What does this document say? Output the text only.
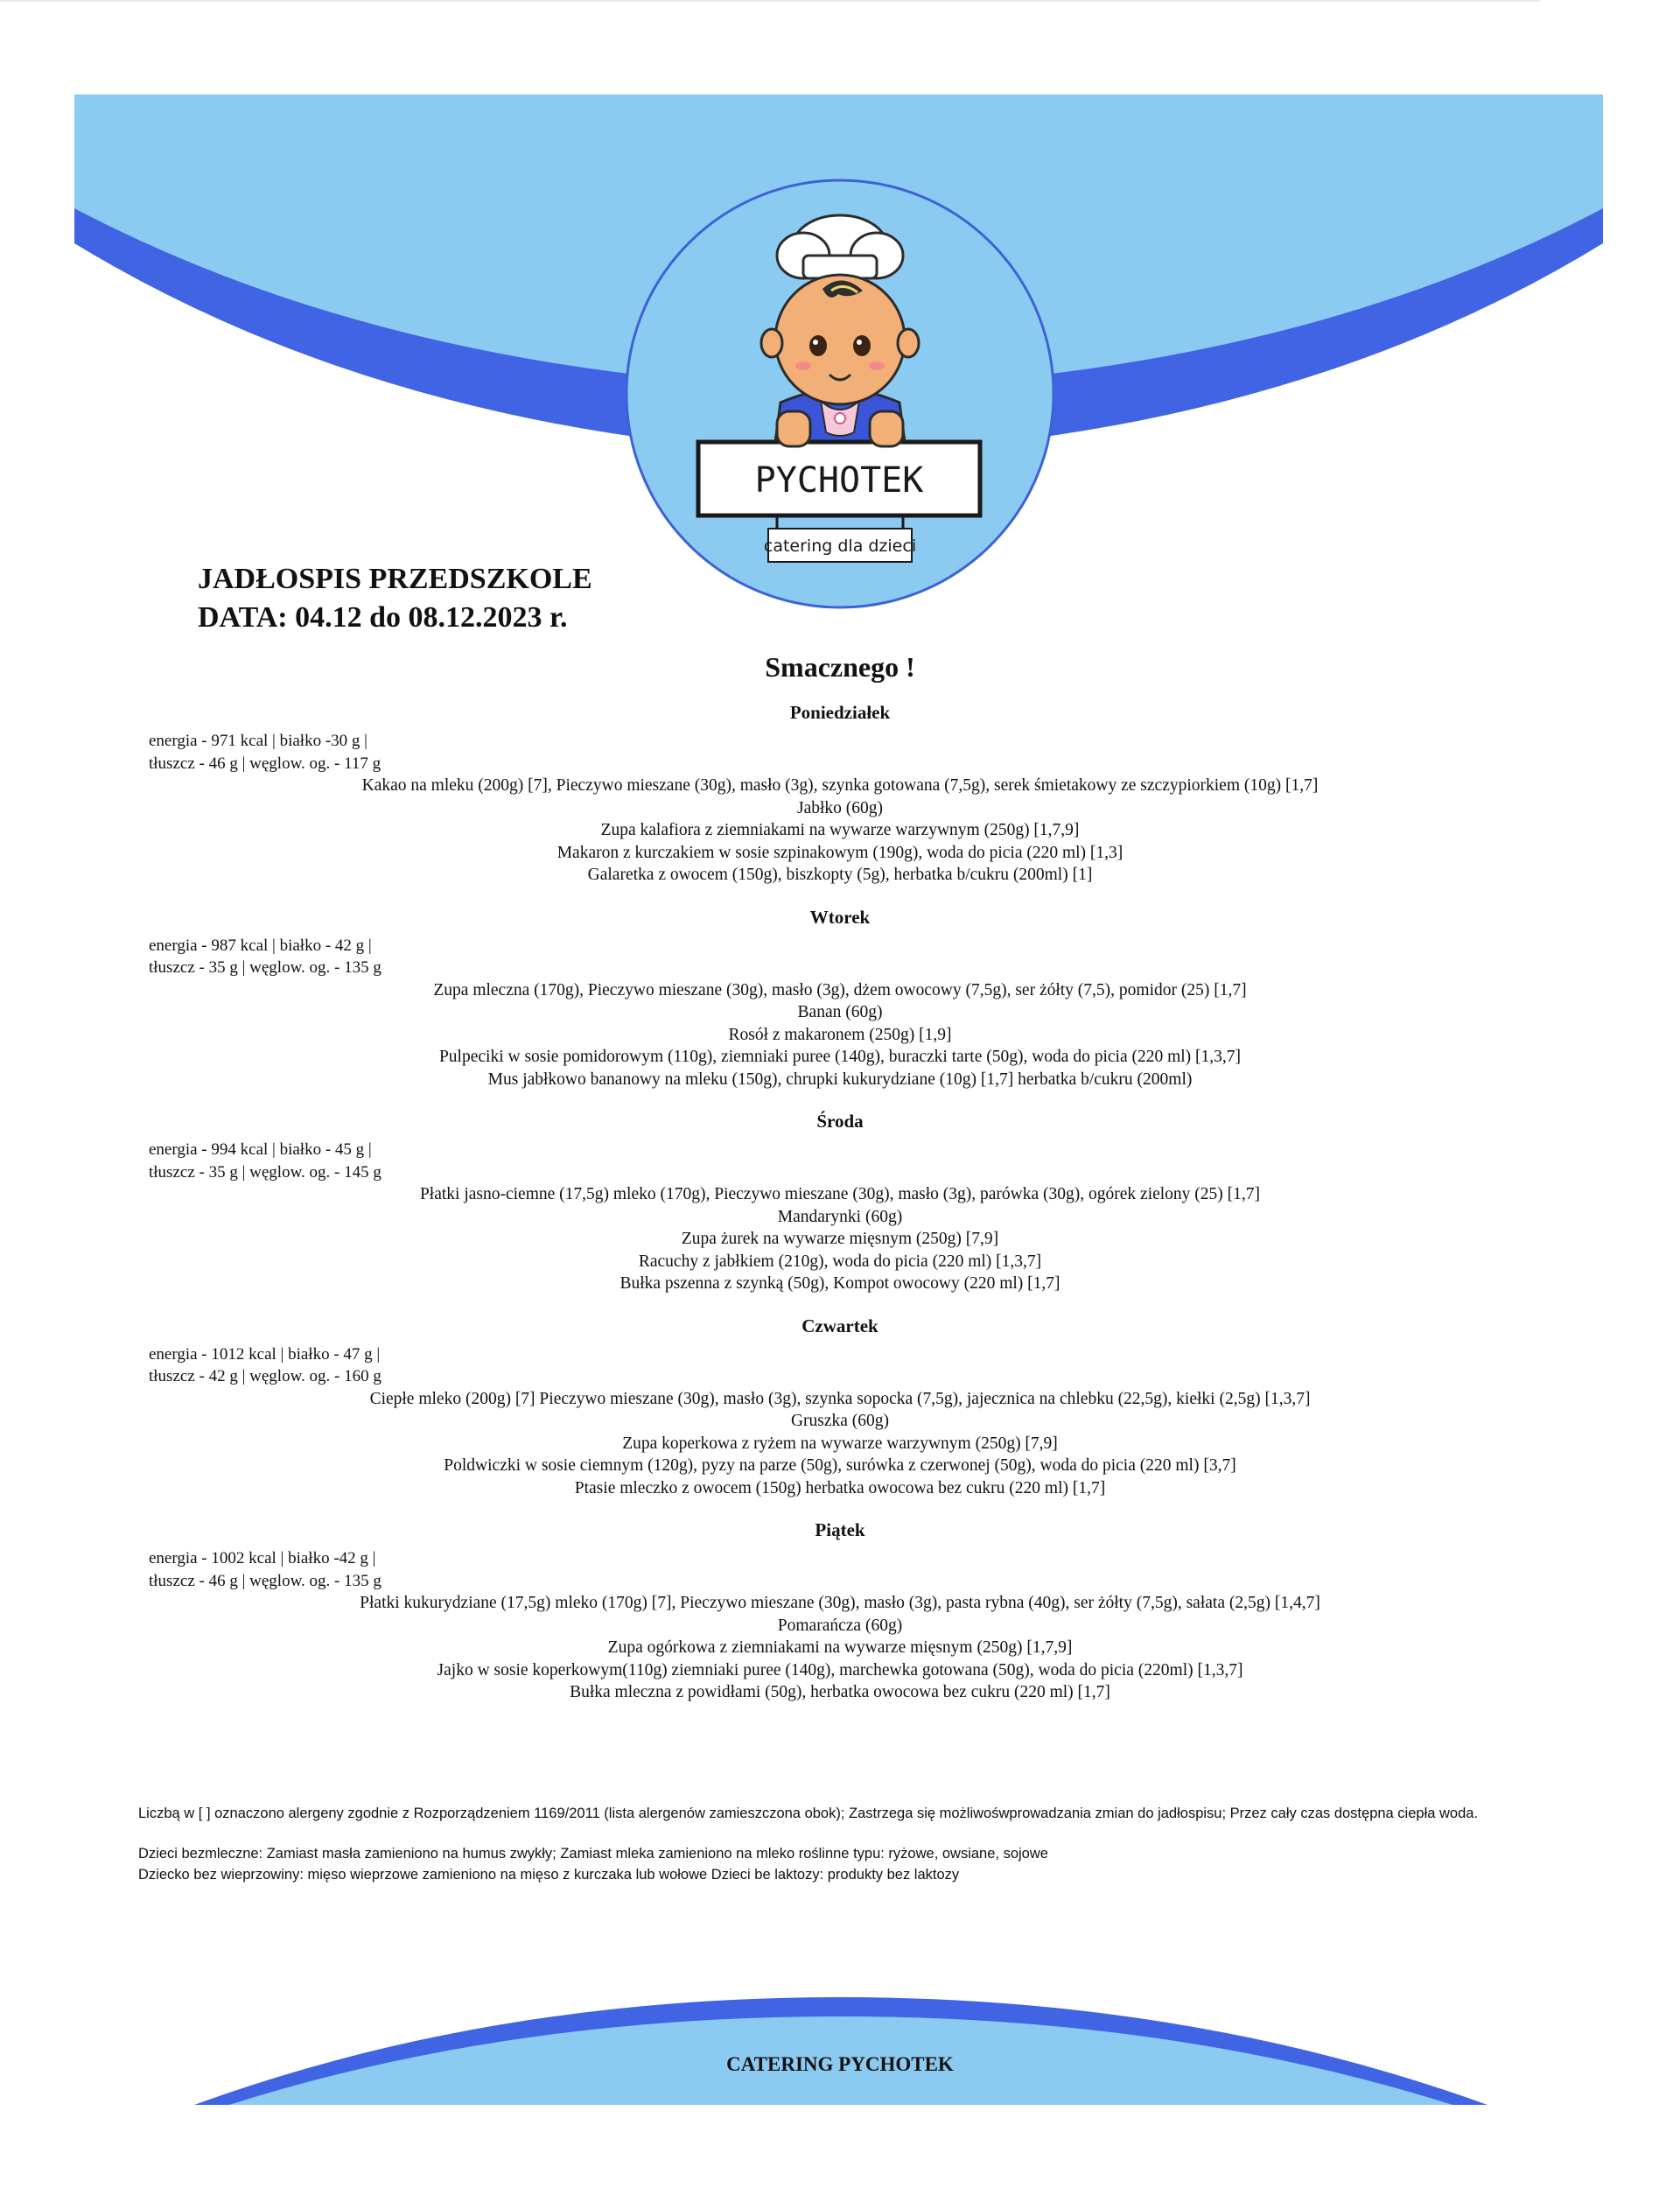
PYCHOTEK
catering dla dzieci
JADŁOSPIS PRZEDSZKOLE
DATA: 04.12 do 08.12.2023 r.
Smacznego !
Poniedziałek
energia - 971 kcal | białko -30 g |
tłuszcz - 46 g | węglow. og. - 117 g
Kakao na mleku (200g) [7], Pieczywo mieszane (30g), masło (3g), szynka gotowana (7,5g), serek śmietakowy ze szczypiorkiem (10g) [1,7]
Jabłko (60g)
Zupa kalafiora z ziemniakami na wywarze warzywnym (250g) [1,7,9]
Makaron z kurczakiem w sosie szpinakowym (190g), woda do picia (220 ml) [1,3]
Galaretka z owocem (150g), biszkopty (5g), herbatka b/cukru (200ml) [1]
Wtorek
energia - 987 kcal | białko - 42 g |
tłuszcz - 35 g | węglow. og. - 135 g
Zupa mleczna (170g), Pieczywo mieszane (30g), masło (3g), dżem owocowy (7,5g), ser żółty (7,5), pomidor (25) [1,7]
Banan (60g)
Rosół z makaronem (250g) [1,9]
Pulpeciki w sosie pomidorowym (110g), ziemniaki puree (140g), buraczki tarte (50g), woda do picia (220 ml) [1,3,7]
Mus jabłkowo bananowy na mleku (150g), chrupki kukurydziane (10g) [1,7] herbatka b/cukru (200ml)
Środa
energia - 994 kcal | białko - 45 g |
tłuszcz - 35 g | węglow. og. - 145 g
Płatki jasno-ciemne (17,5g) mleko (170g), Pieczywo mieszane (30g), masło (3g), parówka (30g), ogórek zielony (25) [1,7]
Mandarynki (60g)
Zupa żurek na wywarze mięsnym (250g) [7,9]
Racuchy z jabłkiem (210g), woda do picia (220 ml) [1,3,7]
Bułka pszenna z szynką (50g), Kompot owocowy (220 ml) [1,7]
Czwartek
energia - 1012 kcal | białko - 47 g |
tłuszcz - 42 g | węglow. og. - 160 g
Ciepłe mleko (200g) [7] Pieczywo mieszane (30g), masło (3g), szynka sopocka (7,5g), jajecznica na chlebku (22,5g), kiełki (2,5g) [1,3,7]
Gruszka (60g)
Zupa koperkowa z ryżem na wywarze warzywnym (250g) [7,9]
Poldwiczki w sosie ciemnym (120g), pyzy na parze (50g), surówka z czerwonej (50g), woda do picia (220 ml) [3,7]
Ptasie mleczko z owocem (150g) herbatka owocowa bez cukru (220 ml) [1,7]
Piątek
energia - 1002 kcal | białko -42 g |
tłuszcz - 46 g | węglow. og. - 135 g
Płatki kukurydziane (17,5g) mleko (170g) [7], Pieczywo mieszane (30g), masło (3g), pasta rybna (40g), ser żółty (7,5g), sałata (2,5g) [1,4,7]
Pomarańcza (60g)
Zupa ogórkowa z ziemniakami na wywarze mięsnym (250g) [1,7,9]
Jajko w sosie koperkowym(110g) ziemniaki puree (140g), marchewka gotowana (50g), woda do picia (220ml) [1,3,7]
Bułka mleczna z powidłami (50g), herbatka owocowa bez cukru (220 ml) [1,7]

Liczbą w [ ] oznaczono alergeny zgodnie z Rozporządzeniem 1169/2011 (lista alergenów zamieszczona obok); Zastrzega się możliwośwprowadzania zmian do jadłospisu; Przez cały czas dostępna ciepła woda.

Dzieci bezmleczne: Zamiast masła zamieniono na humus zwykły; Zamiast mleka zamieniono na mleko roślinne typu: ryżowe, owsiane, sojowe

Dziecko bez wieprzowiny: mięso wieprzowe zamieniono na mięso z kurczaka lub wołowe Dzieci be laktozy: produkty bez laktozy

CATERING PYCHOTEK
